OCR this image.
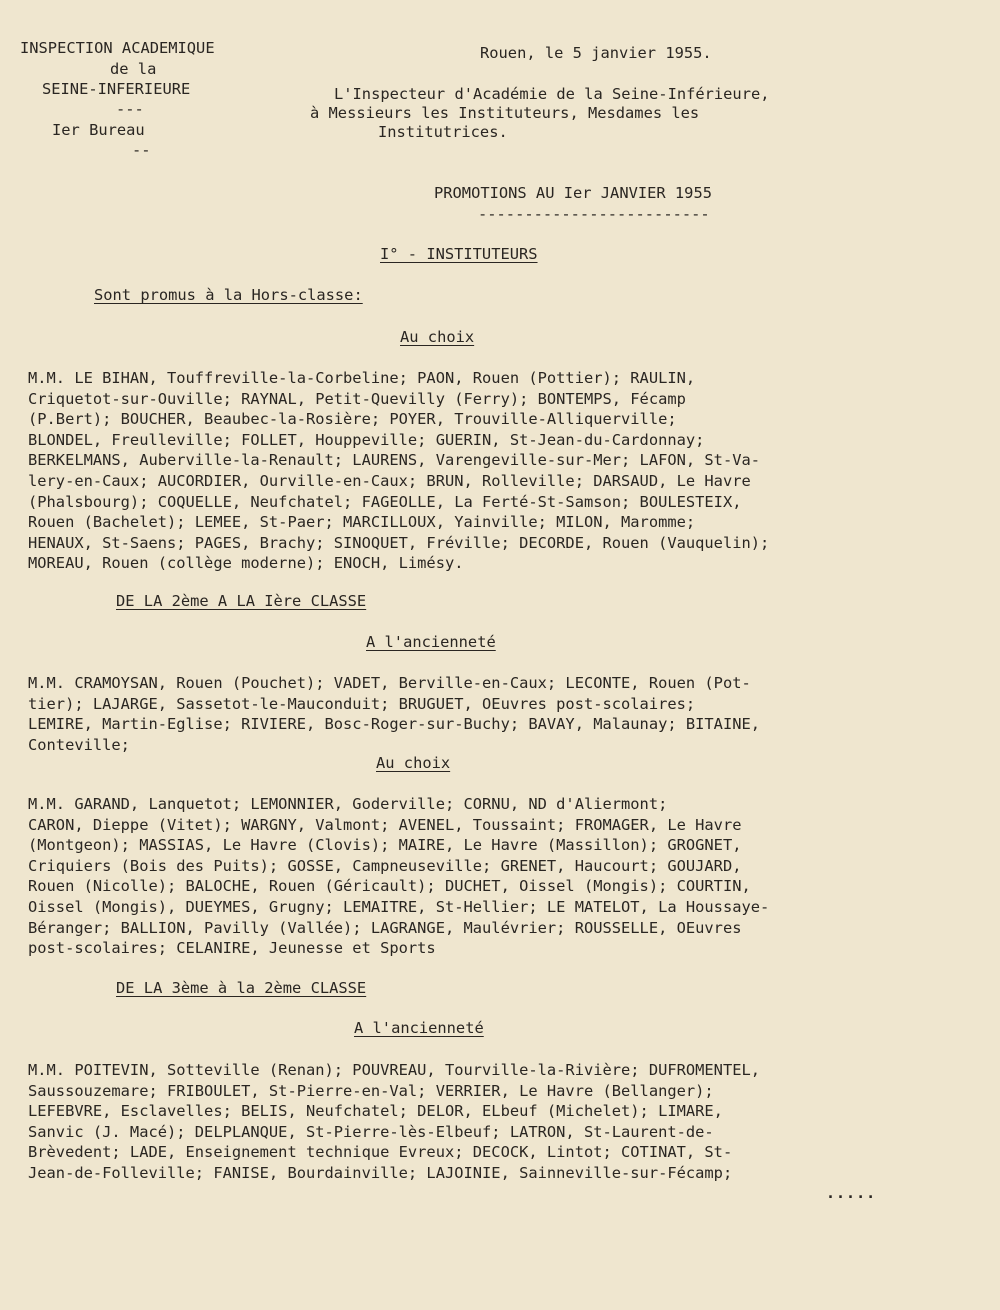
INSPECTION ACADEMIQUE
de la
SEINE-INFERIEURE
---
Ier Bureau
--
Rouen, le 5 janvier 1955.
L'Inspecteur d'Académie de la Seine-Inférieure,
à Messieurs les Instituteurs, Mesdames les
Institutrices.
PROMOTIONS AU Ier JANVIER 1955
-------------------------
I° - INSTITUTEURS
Sont promus à la Hors-classe:
Au choix
M.M. LE BIHAN, Touffreville-la-Corbeline; PAON, Rouen (Pottier); RAULIN,
Criquetot-sur-Ouville; RAYNAL, Petit-Quevilly (Ferry); BONTEMPS, Fécamp
(P.Bert); BOUCHER, Beaubec-la-Rosière; POYER, Trouville-Alliquerville;
BLONDEL, Freulleville; FOLLET, Houppeville; GUERIN, St-Jean-du-Cardonnay;
BERKELMANS, Auberville-la-Renault; LAURENS, Varengeville-sur-Mer; LAFON, St-Va-
lery-en-Caux; AUCORDIER, Ourville-en-Caux; BRUN, Rolleville; DARSAUD, Le Havre
(Phalsbourg); COQUELLE, Neufchatel; FAGEOLLE, La Ferté-St-Samson; BOULESTEIX,
Rouen (Bachelet); LEMEE, St-Paer; MARCILLOUX, Yainville; MILON, Maromme;
HENAUX, St-Saens; PAGES, Brachy; SINOQUET, Fréville; DECORDE, Rouen (Vauquelin);
MOREAU, Rouen (collège moderne); ENOCH, Limésy.
DE LA 2ème A LA Ière CLASSE
A l'ancienneté
M.M. CRAMOYSAN, Rouen (Pouchet); VADET, Berville-en-Caux; LECONTE, Rouen (Pot-
tier); LAJARGE, Sassetot-le-Mauconduit; BRUGUET, OEuvres post-scolaires;
LEMIRE, Martin-Eglise; RIVIERE, Bosc-Roger-sur-Buchy; BAVAY, Malaunay; BITAINE,
Conteville;
Au choix
M.M. GARAND, Lanquetot; LEMONNIER, Goderville; CORNU, ND d'Aliermont;
CARON, Dieppe (Vitet); WARGNY, Valmont; AVENEL, Toussaint; FROMAGER, Le Havre
(Montgeon); MASSIAS, Le Havre (Clovis); MAIRE, Le Havre (Massillon); GROGNET,
Criquiers (Bois des Puits); GOSSE, Campneuseville; GRENET, Haucourt; GOUJARD,
Rouen (Nicolle); BALOCHE, Rouen (Géricault); DUCHET, Oissel (Mongis); COURTIN,
Oissel (Mongis), DUEYMES, Grugny; LEMAITRE, St-Hellier; LE MATELOT, La Houssaye-
Béranger; BALLION, Pavilly (Vallée); LAGRANGE, Maulévrier; ROUSSELLE, OEuvres
post-scolaires; CELANIRE, Jeunesse et Sports
DE LA 3ème à la 2ème CLASSE
A l'ancienneté
M.M. POITEVIN, Sotteville (Renan); POUVREAU, Tourville-la-Rivière; DUFROMENTEL,
Saussouzemare; FRIBOULET, St-Pierre-en-Val; VERRIER, Le Havre (Bellanger);
LEFEBVRE, Esclavelles; BELIS, Neufchatel; DELOR, ELbeuf (Michelet); LIMARE,
Sanvic (J. Macé); DELPLANQUE, St-Pierre-lès-Elbeuf; LATRON, St-Laurent-de-
Brèvedent; LADE, Enseignement technique Evreux; DECOCK, Lintot; COTINAT, St-
Jean-de-Folleville; FANISE, Bourdainville; LAJOINIE, Sainneville-sur-Fécamp;
.....
